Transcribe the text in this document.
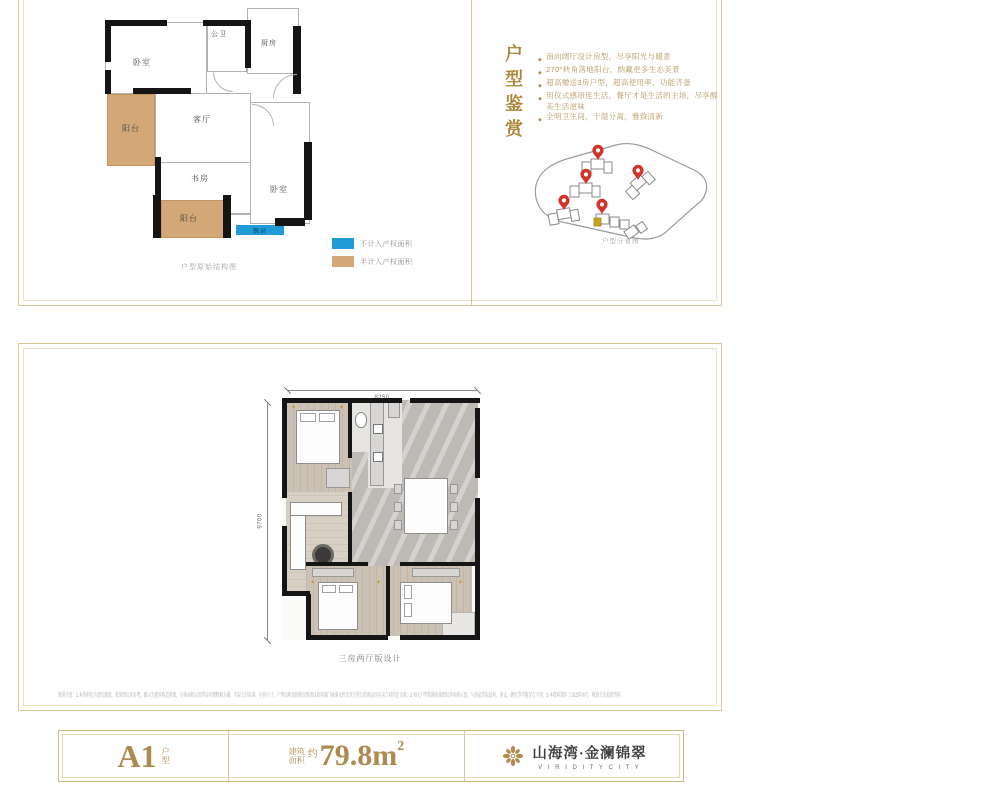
飘窗
卧室
公卫
厨房
阳台
客厅
书房
卧室
阳台
不计入产权面积
半计入产权面积
户型原始结构图
户型鉴赏	◆ 南向阔厅设计房型，尽享阳光与暖意
◆ 270°转角落地阳台，纳藏更多生态美景
◆ 超高赠送3房户型，超高使用率，功能齐备
◆ 用仪式感串连生活，餐厅才是生活的主场，尽享醇美生活滋味
◆ 全明卫生间，干湿分离，雅致清新
户型分布图
9700
✦	✦
✦	✦	✦
三房两厅版设计
郑重注意：1.本资料仅为要约邀请，效果图仅供参考，图示为建筑构造简图，具体面积以房管局实测数据为准，实际交付标准、区间尺寸、户型结构及楼栋位置请以政府部门核准文件及双方签订的商品房买卖合同约定为准；2.相关户型装修效果图仅作风格示意，与房屋实际结构、形式、颜色等可能存在不同；3.本资料制作于2023年6月，敬请关注最新资料。
A1 户
型
建筑
面积
约 79.8m 2	山海湾·金澜锦翠
V I R I D I T Y C I T Y
